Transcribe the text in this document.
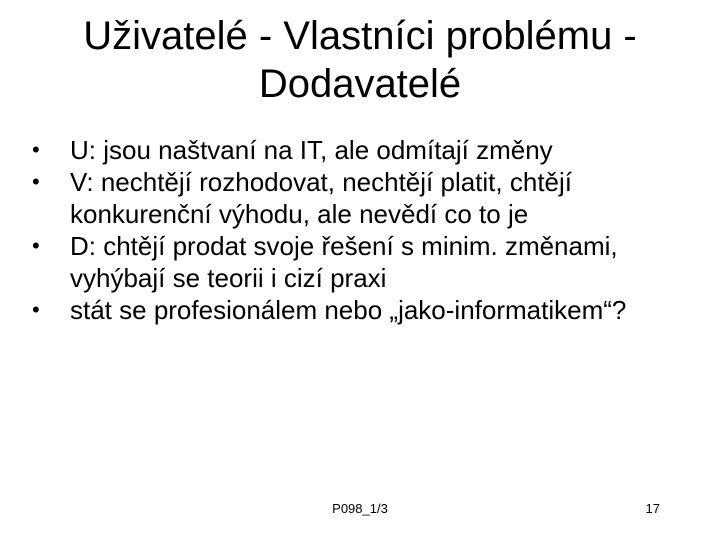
Uživatelé - Vlastníci problému -
Dodavatelé
•	U: jsou naštvaní na IT, ale odmítají změny
•	V: nechtějí rozhodovat, nechtějí platit, chtějí konkurenční výhodu, ale nevědí co to je
•	D: chtějí prodat svoje řešení s minim. změnami, vyhýbají se teorii i cizí praxi
•	stát se profesionálem nebo „jako-informatikem“?
P098_1/3	17
